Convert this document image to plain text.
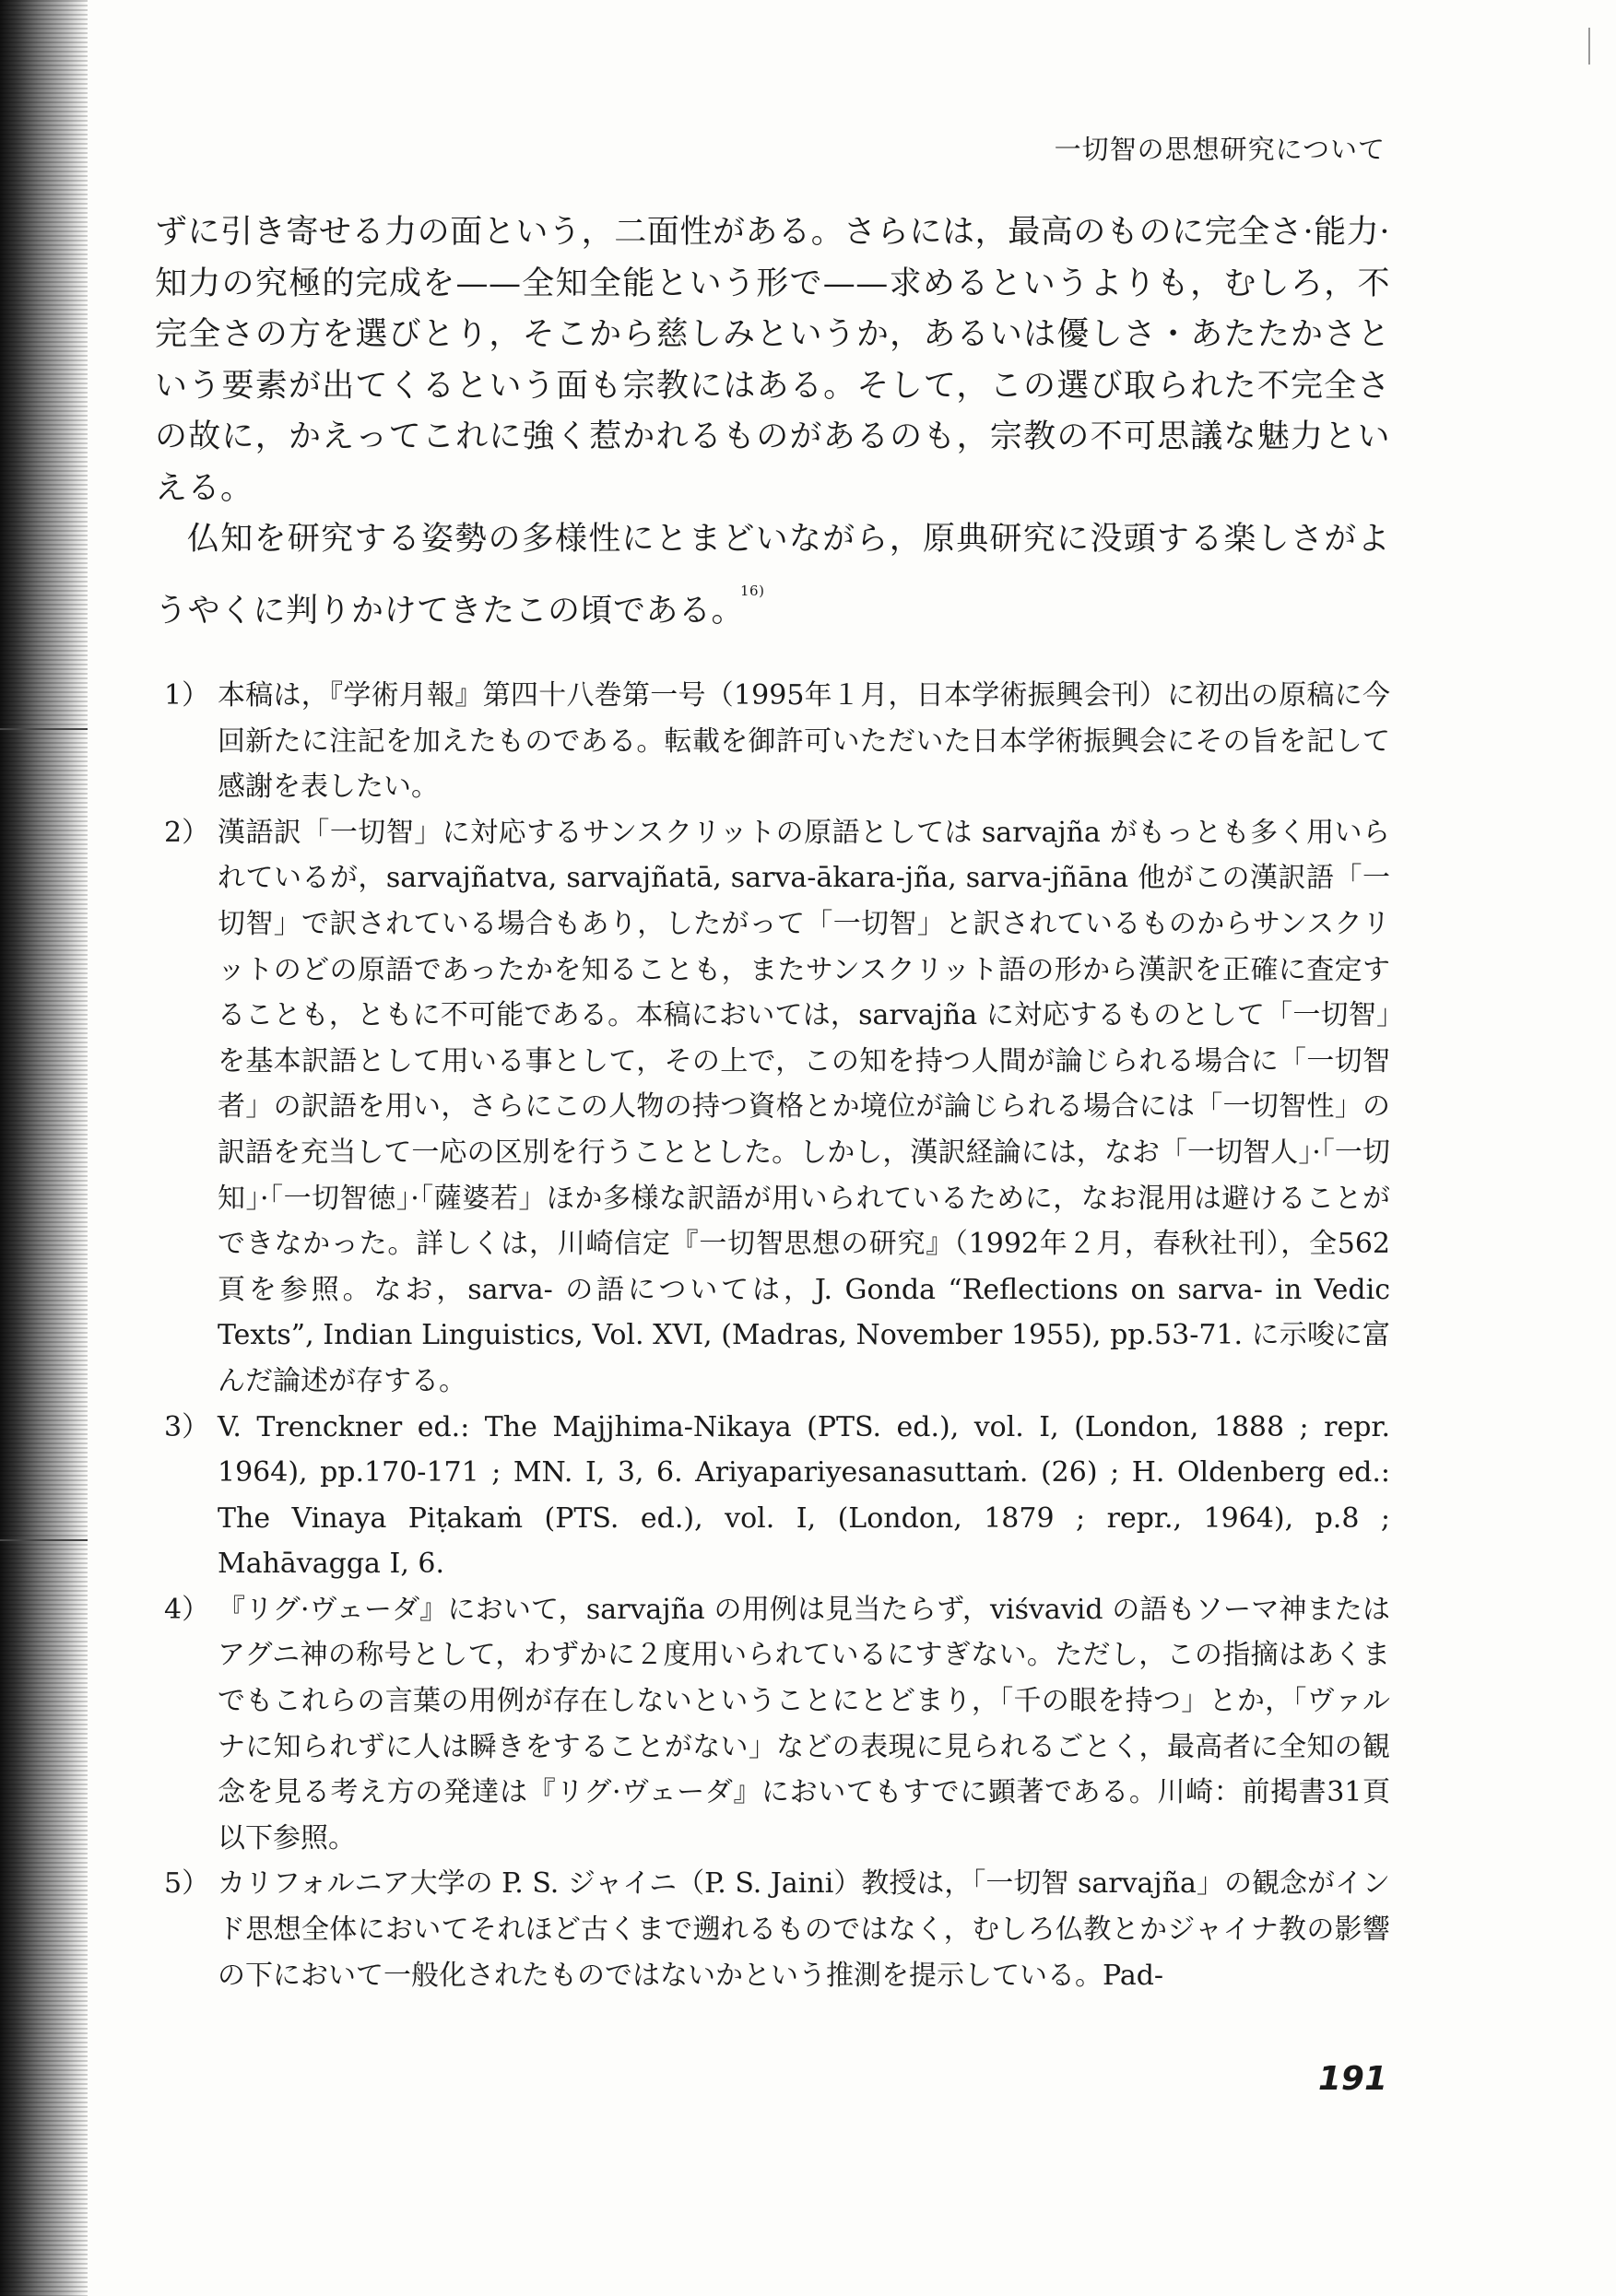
一切智の思想研究について

ずに引き寄せる力の面という，二面性がある。さらには，最高のものに完全さ·能力·知力の究極的完成を——全知全能という形で——求めるというよりも，むしろ，不完全さの方を選びとり，そこから慈しみというか，あるいは優しさ・あたたかさという要素が出てくるという面も宗教にはある。そして，この選び取られた不完全さの故に，かえってこれに強く惹かれるものがあるのも，宗教の不可思議な魅力といえる。

仏知を研究する姿勢の多様性にとまどいながら，原典研究に没頭する楽しさがようやくに判りかけてきたこの頃である。$^{16)}$

1） 本稿は，『学術月報』第四十八巻第一号（1995年１月，日本学術振興会刊）に初出の原稿に今回新たに注記を加えたものである。転載を御許可いただいた日本学術振興会にその旨を記して感謝を表したい。
2） 漢語訳「一切智」に対応するサンスクリットの原語としては sarvajña がもっとも多く用いられているが，sarvajñatva, sarvajñatā, sarva-ākara-jña, sarva-jñāna 他がこの漢訳語「一切智」で訳されている場合もあり，したがって「一切智」と訳されているものからサンスクリットのどの原語であったかを知ることも，またサンスクリット語の形から漢訳を正確に査定することも，ともに不可能である。本稿においては，sarvajña に対応するものとして「一切智」を基本訳語として用いる事として，その上で，この知を持つ人間が論じられる場合に「一切智者」の訳語を用い，さらにこの人物の持つ資格とか境位が論じられる場合には「一切智性」の訳語を充当して一応の区別を行うこととした。しかし，漢訳経論には，なお「一切智人」·「一切知」·「一切智徳」·「薩婆若」ほか多様な訳語が用いられているために，なお混用は避けることができなかった。詳しくは，川崎信定『一切智思想の研究』（1992年２月，春秋社刊），全562頁を参照。なお，sarva- の語については，J. Gonda “Reflections on sarva- in Vedic Texts”, Indian Linguistics, Vol. XVI, (Madras, November 1955), pp.53-71. に示唆に富んだ論述が存する。
3） V. Trenckner ed.: The Majjhima-Nikaya (PTS. ed.), vol. I, (London, 1888 ; repr. 1964), pp.170-171 ; MN. I, 3, 6. Ariyapariyesanasuttaṁ. (26) ; H. Oldenberg ed.: The Vinaya Piṭakaṁ (PTS. ed.), vol. I, (London, 1879 ; repr., 1964), p.8 ; Mahāvagga I, 6.
4） 『リグ·ヴェーダ』において，sarvajña の用例は見当たらず，viśvavid の語もソーマ神またはアグニ神の称号として，わずかに２度用いられているにすぎない。ただし，この指摘はあくまでもこれらの言葉の用例が存在しないということにとどまり，「千の眼を持つ」とか，「ヴァルナに知られずに人は瞬きをすることがない」などの表現に見られるごとく，最高者に全知の観念を見る考え方の発達は『リグ·ヴェーダ』においてもすでに顕著である。川崎：前掲書31頁以下参照。
5） カリフォルニア大学の P. S. ジャイニ（P. S. Jaini）教授は，「一切智 sarvajña」の観念がインド思想全体においてそれほど古くまで遡れるものではなく，むしろ仏教とかジャイナ教の影響の下において一般化されたものではないかという推測を提示している。Pad-
191
